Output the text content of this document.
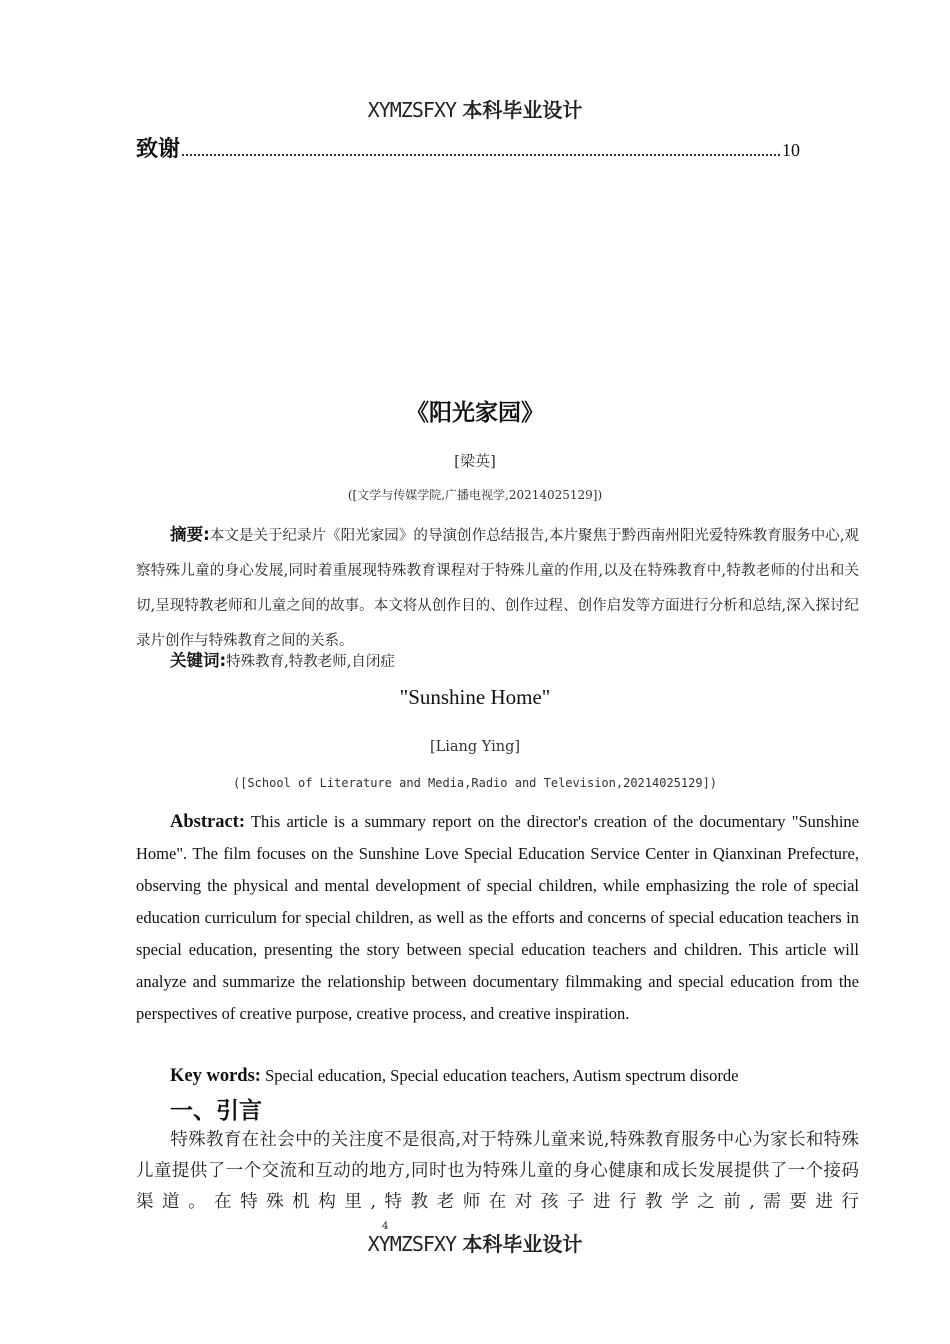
XYMZSFXY 本科毕业设计
致谢	10
《阳光家园》
[梁英]
([文学与传媒学院,广播电视学,20214025129])

摘要:本文是关于纪录片《阳光家园》的导演创作总结报告,本片聚焦于黔西南州阳光爱特殊教育服务中心,观察特殊儿童的身心发展,同时着重展现特殊教育课程对于特殊儿童的作用,以及在特殊教育中,特教老师的付出和关切,呈现特教老师和儿童之间的故事。本文将从创作目的、创作过程、创作启发等方面进行分析和总结,深入探讨纪录片创作与特殊教育之间的关系。

关键词:特殊教育,特教老师,自闭症

"Sunshine Home"
[Liang Ying]
([School of Literature and Media,Radio and Television,20214025129])

Abstract: This article is a summary report on the director's creation of the documentary "Sunshine Home". The film focuses on the Sunshine Love Special Education Service Center in Qianxinan Prefecture, observing the physical and mental development of special children, while emphasizing the role of special education curriculum for special children, as well as the efforts and concerns of special education teachers in special education, presenting the story between special education teachers and children. This article will analyze and summarize the relationship between documentary filmmaking and special education from the perspectives of creative purpose, creative process, and creative inspiration.

Key words: Special education, Special education teachers, Autism spectrum disorde

一、引言

特殊教育在社会中的关注度不是很高,对于特殊儿童来说,特殊教育服务中心为家长和特殊儿童提供了一个交流和互动的地方,同时也为特殊儿童的身心健康和成长发展提供了一个接码渠道。在特殊机构里,特教老师在对孩子进行教学之前,需要进行

4
XYMZSFXY 本科毕业设计
